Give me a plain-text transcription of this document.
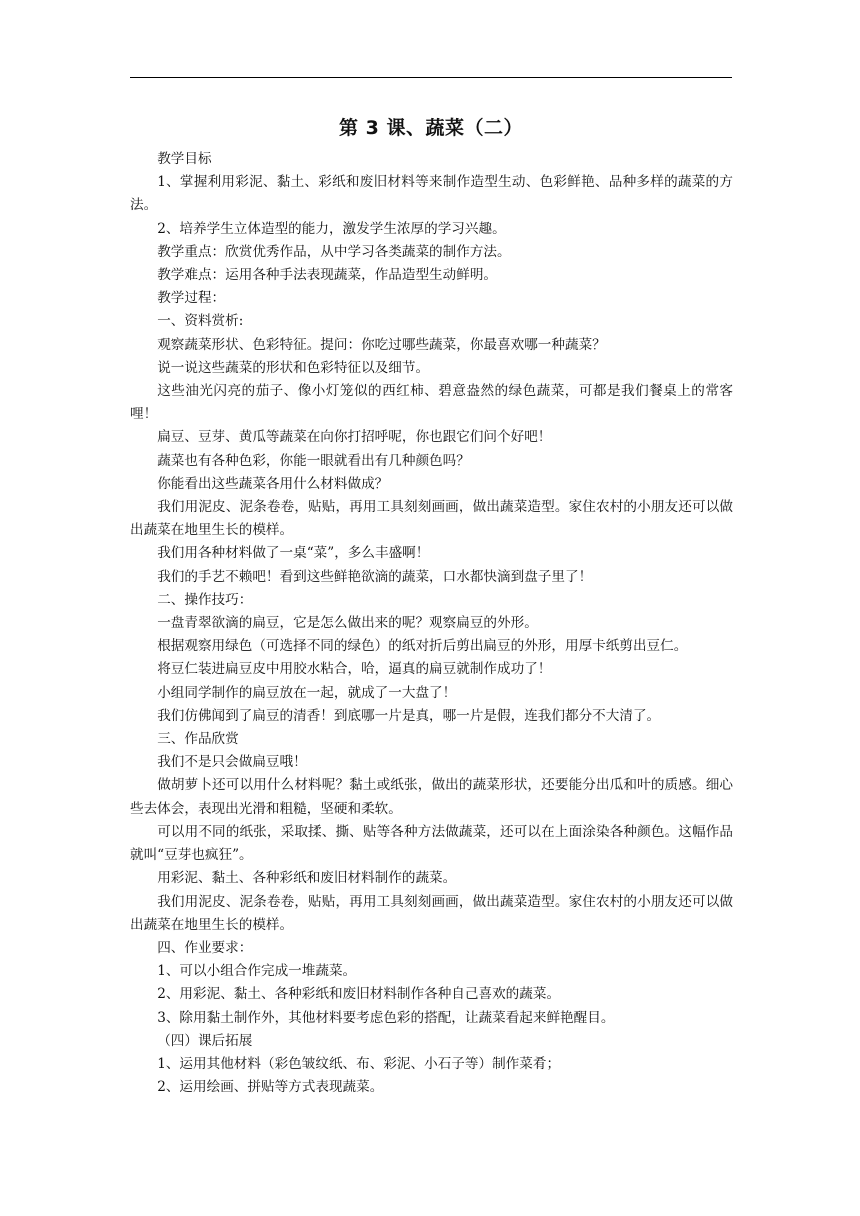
第 3 课、蔬菜（二）

教学目标

1、掌握利用彩泥、黏土、彩纸和废旧材料等来制作造型生动、色彩鲜艳、品种多样的蔬菜的方法。

2、培养学生立体造型的能力，激发学生浓厚的学习兴趣。

教学重点：欣赏优秀作品，从中学习各类蔬菜的制作方法。

教学难点：运用各种手法表现蔬菜，作品造型生动鲜明。

教学过程：

一、资料赏析:

观察蔬菜形状、色彩特征。提问：你吃过哪些蔬菜，你最喜欢哪一种蔬菜？

说一说这些蔬菜的形状和色彩特征以及细节。

这些油光闪亮的茄子、像小灯笼似的西红柿、碧意盎然的绿色蔬菜，可都是我们餐桌上的常客哩！

扁豆、豆芽、黄瓜等蔬菜在向你打招呼呢，你也跟它们问个好吧！

蔬菜也有各种色彩，你能一眼就看出有几种颜色吗？

你能看出这些蔬菜各用什么材料做成？

我们用泥皮、泥条卷卷，贴贴，再用工具刻刻画画，做出蔬菜造型。家住农村的小朋友还可以做出蔬菜在地里生长的模样。

我们用各种材料做了一桌“菜”，多么丰盛啊！

我们的手艺不赖吧！看到这些鲜艳欲滴的蔬菜，口水都快滴到盘子里了！

二、操作技巧：

一盘青翠欲滴的扁豆，它是怎么做出来的呢？观察扁豆的外形。

根据观察用绿色（可选择不同的绿色）的纸对折后剪出扁豆的外形，用厚卡纸剪出豆仁。

将豆仁装进扁豆皮中用胶水粘合，哈，逼真的扁豆就制作成功了！

小组同学制作的扁豆放在一起，就成了一大盘了！

我们仿佛闻到了扁豆的清香！到底哪一片是真，哪一片是假，连我们都分不大清了。

三、作品欣赏

我们不是只会做扁豆哦！

做胡萝卜还可以用什么材料呢？黏土或纸张，做出的蔬菜形状，还要能分出瓜和叶的质感。细心些去体会，表现出光滑和粗糙，坚硬和柔软。

可以用不同的纸张，采取揉、撕、贴等各种方法做蔬菜，还可以在上面涂染各种颜色。这幅作品就叫“豆芽也疯狂”。

用彩泥、黏土、各种彩纸和废旧材料制作的蔬菜。

我们用泥皮、泥条卷卷，贴贴，再用工具刻刻画画，做出蔬菜造型。家住农村的小朋友还可以做出蔬菜在地里生长的模样。

四、作业要求：

1、可以小组合作完成一堆蔬菜。

2、用彩泥、黏土、各种彩纸和废旧材料制作各种自己喜欢的蔬菜。

3、除用黏土制作外，其他材料要考虑色彩的搭配，让蔬菜看起来鲜艳醒目。

（四）课后拓展

1、运用其他材料（彩色皱纹纸、布、彩泥、小石子等）制作菜肴；

2、运用绘画、拼贴等方式表现蔬菜。
